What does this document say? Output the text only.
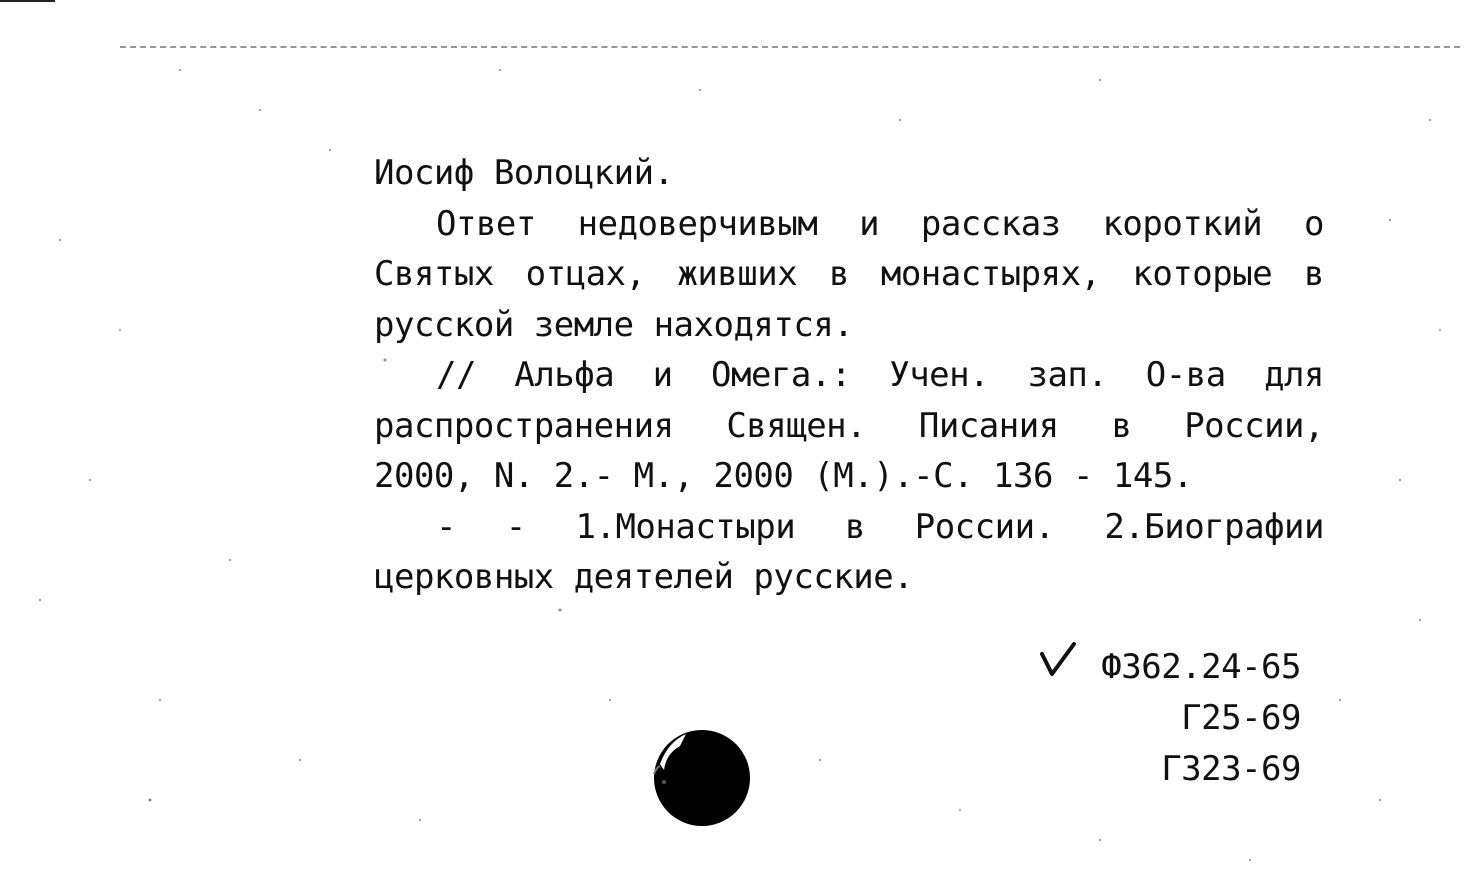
Иосиф Волоцкий.
Ответ недоверчивым и рассказ короткий о
Святых отцах, живших в монастырях, которые в
русской земле находятся.
// Альфа и Омега.: Учен. зап. О-ва для
распространения Священ. Писания в России,
2000, N. 2.- М., 2000 (М.).-С. 136 - 145.
- - 1.Монастыри в России. 2.Биографии
церковных деятелей русские.
Ф362.24-65
Г25-69
Г323-69
